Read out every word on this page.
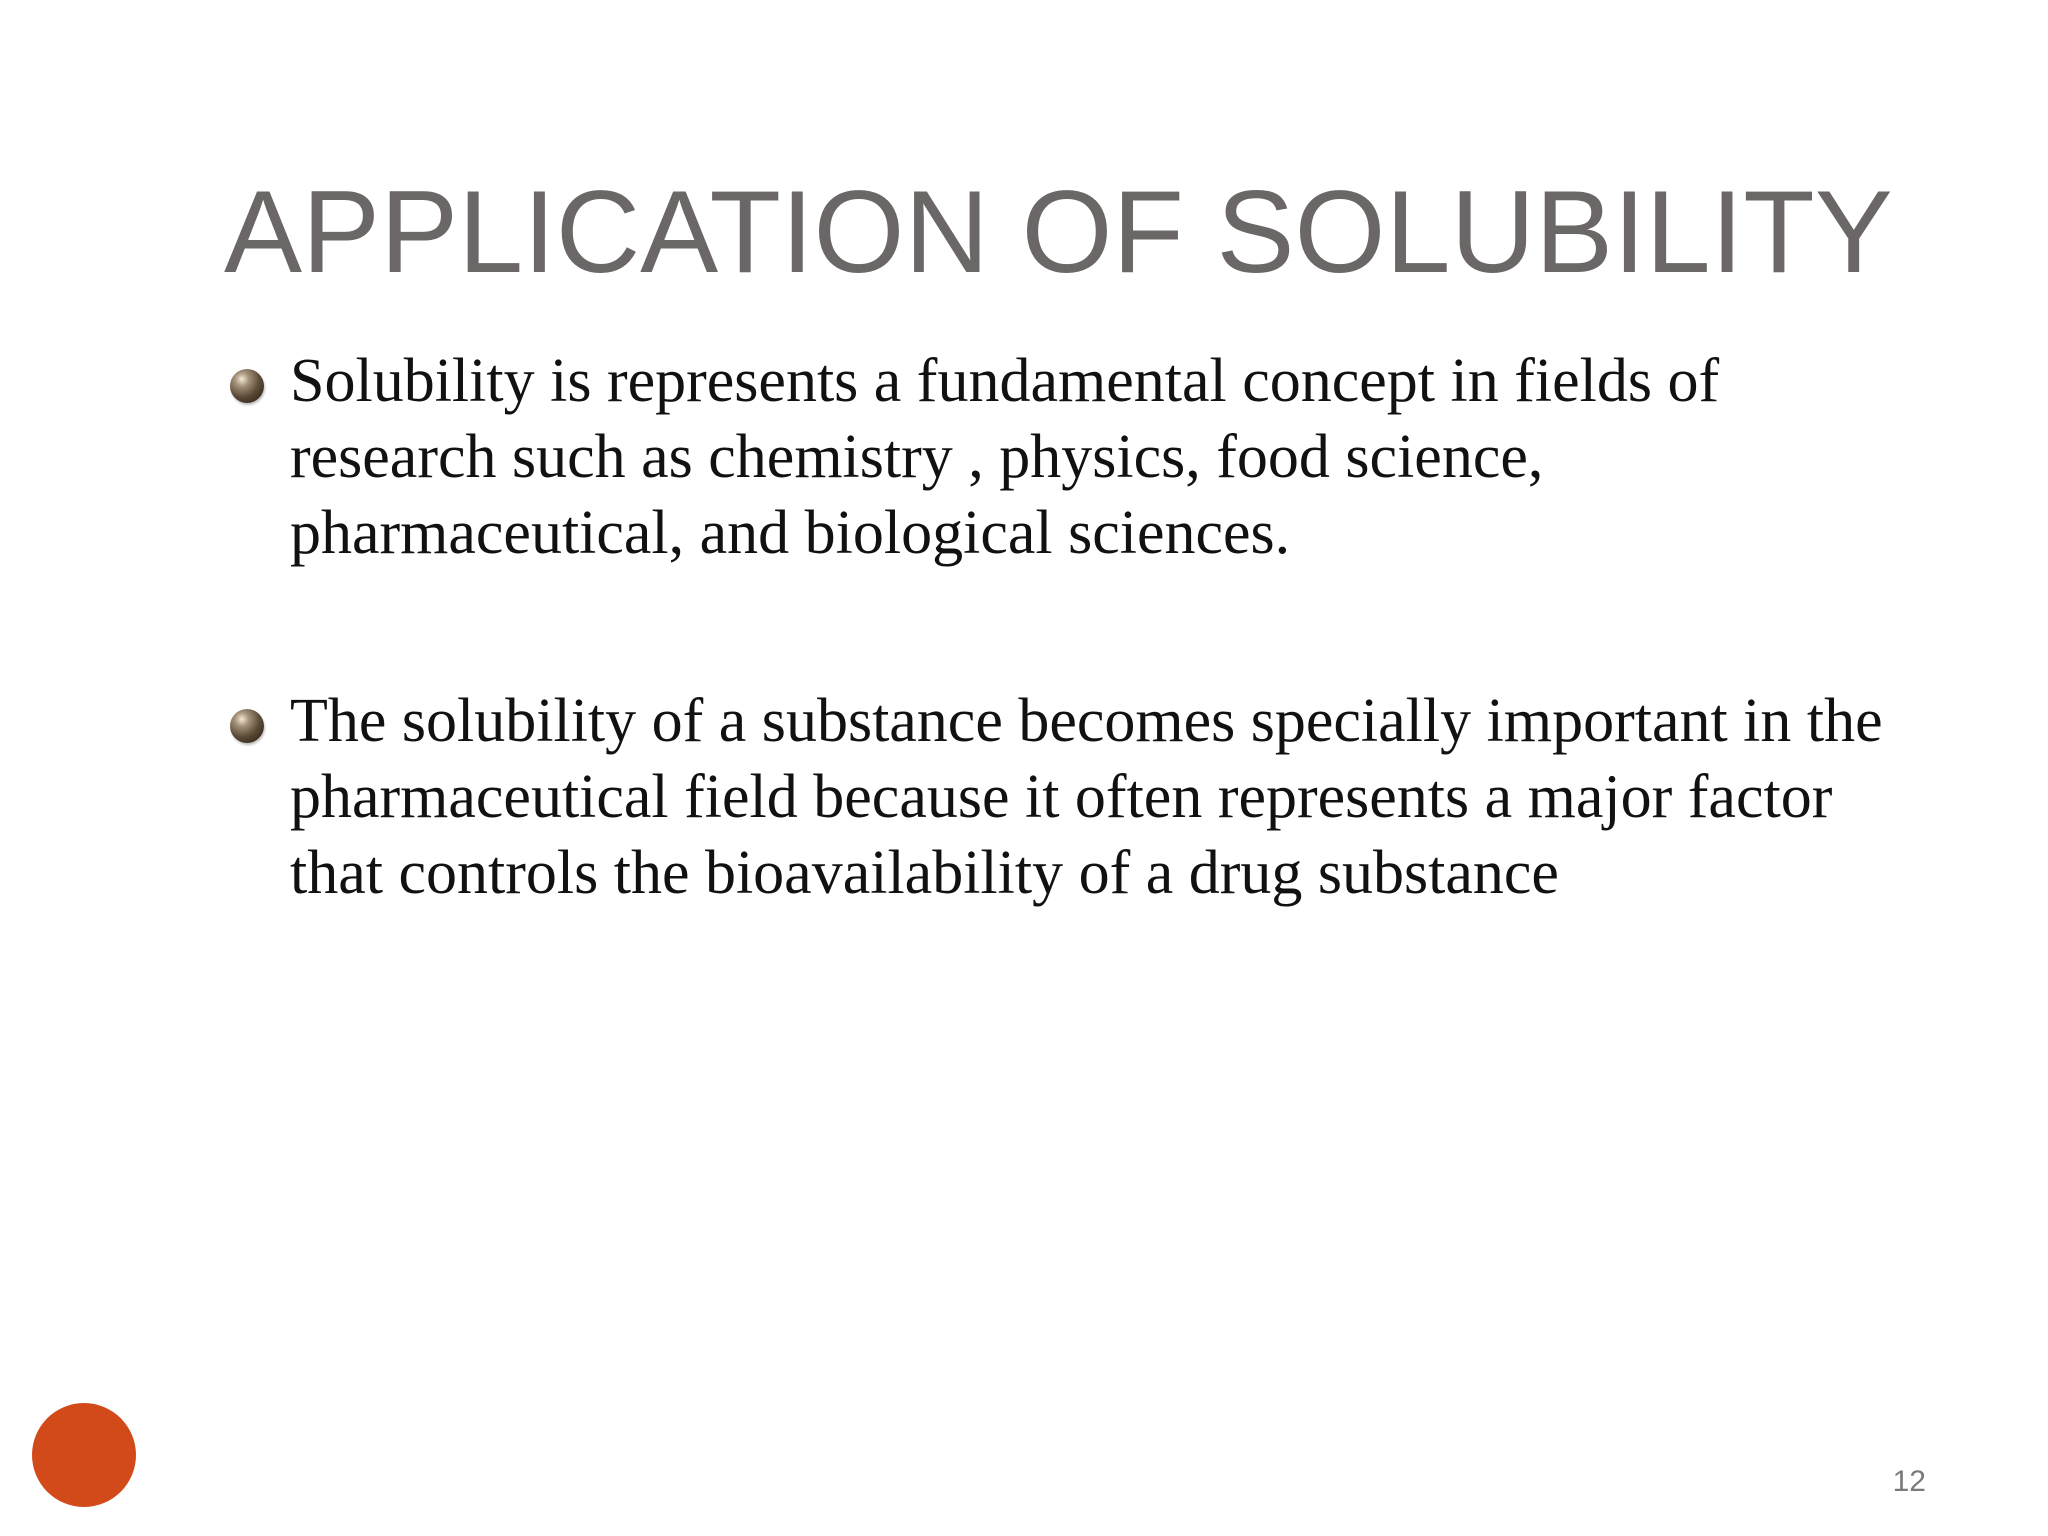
APPLICATION OF SOLUBILITY

Solubility is represents a fundamental concept in fields of research such as chemistry , physics, food science, pharmaceutical, and biological sciences.

The solubility of a substance becomes specially important in the pharmaceutical field because it often represents a major factor that controls the bioavailability of a drug substance

12
